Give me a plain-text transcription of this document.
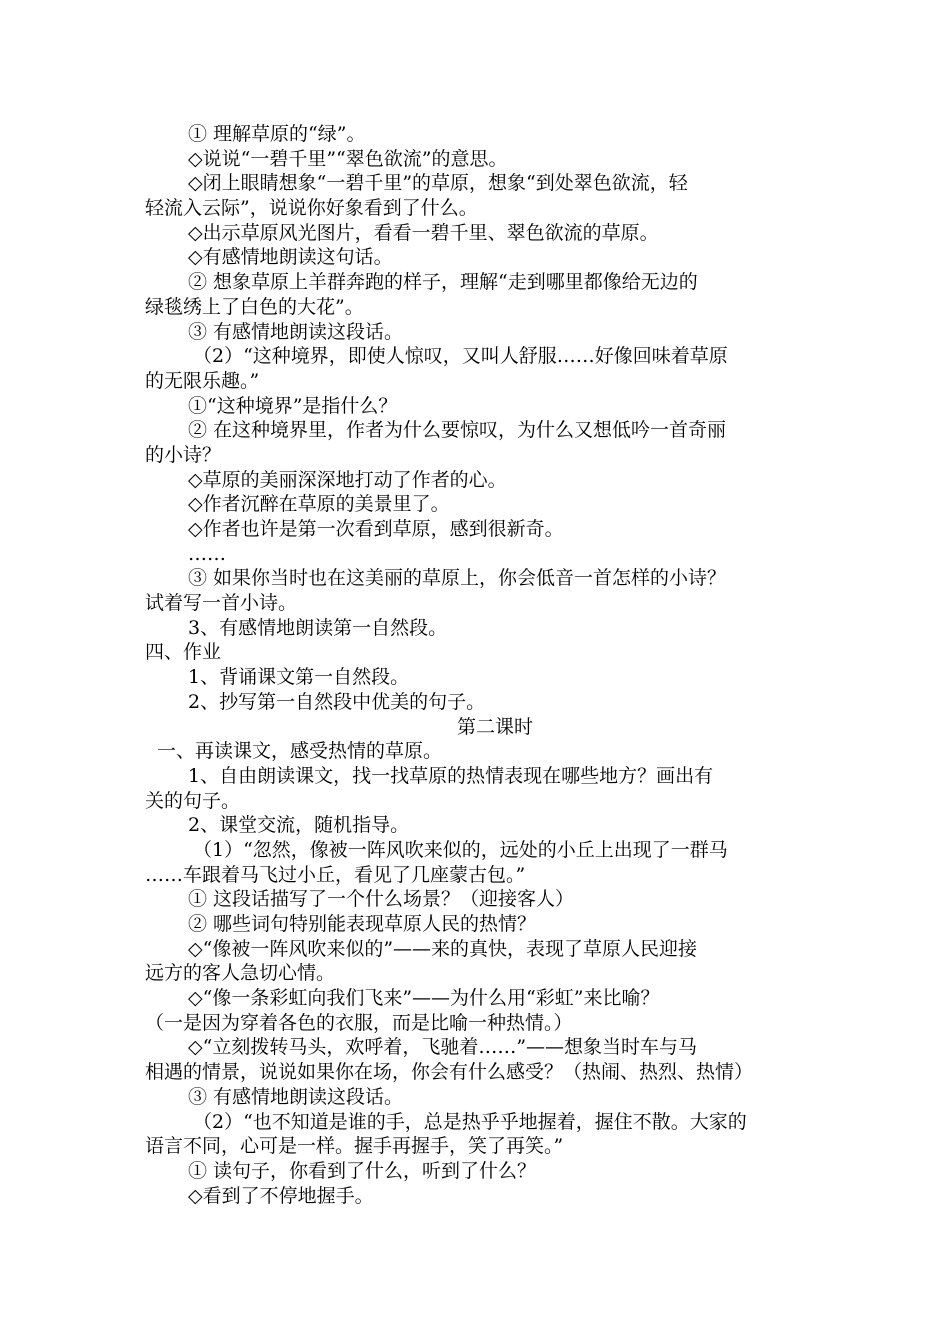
① 理解草原的“绿”。
◇说说“一碧千里”“翠色欲流”的意思。
◇闭上眼睛想象“一碧千里”的草原，想象“到处翠色欲流，轻
轻流入云际”，说说你好象看到了什么。
◇出示草原风光图片，看看一碧千里、翠色欲流的草原。
◇有感情地朗读这句话。
② 想象草原上羊群奔跑的样子，理解“走到哪里都像给无边的
绿毯绣上了白色的大花”。
③ 有感情地朗读这段话。
（2）“这种境界，即使人惊叹，又叫人舒服……好像回味着草原
的无限乐趣。”
①“这种境界”是指什么？
② 在这种境界里，作者为什么要惊叹，为什么又想低吟一首奇丽
的小诗？
◇草原的美丽深深地打动了作者的心。
◇作者沉醉在草原的美景里了。
◇作者也许是第一次看到草原，感到很新奇。
……
③ 如果你当时也在这美丽的草原上，你会低音一首怎样的小诗？
试着写一首小诗。
3、有感情地朗读第一自然段。
四、作业
1、背诵课文第一自然段。
2、抄写第一自然段中优美的句子。
第二课时
一、再读课文，感受热情的草原。
1、自由朗读课文，找一找草原的热情表现在哪些地方？画出有
关的句子。
2、课堂交流，随机指导。
（1）“忽然，像被一阵风吹来似的，远处的小丘上出现了一群马
……车跟着马飞过小丘，看见了几座蒙古包。”
① 这段话描写了一个什么场景？（迎接客人）
② 哪些词句特别能表现草原人民的热情？
◇“像被一阵风吹来似的”——来的真快，表现了草原人民迎接
远方的客人急切心情。
◇“像一条彩虹向我们飞来”——为什么用“彩虹”来比喻？
（一是因为穿着各色的衣服，而是比喻一种热情。）
◇“立刻拨转马头，欢呼着，飞驰着……”——想象当时车与马
相遇的情景，说说如果你在场，你会有什么感受？（热闹、热烈、热情）
③ 有感情地朗读这段话。
（2）“也不知道是谁的手，总是热乎乎地握着，握住不散。大家的
语言不同，心可是一样。握手再握手，笑了再笑。”
① 读句子，你看到了什么，听到了什么？
◇看到了不停地握手。
